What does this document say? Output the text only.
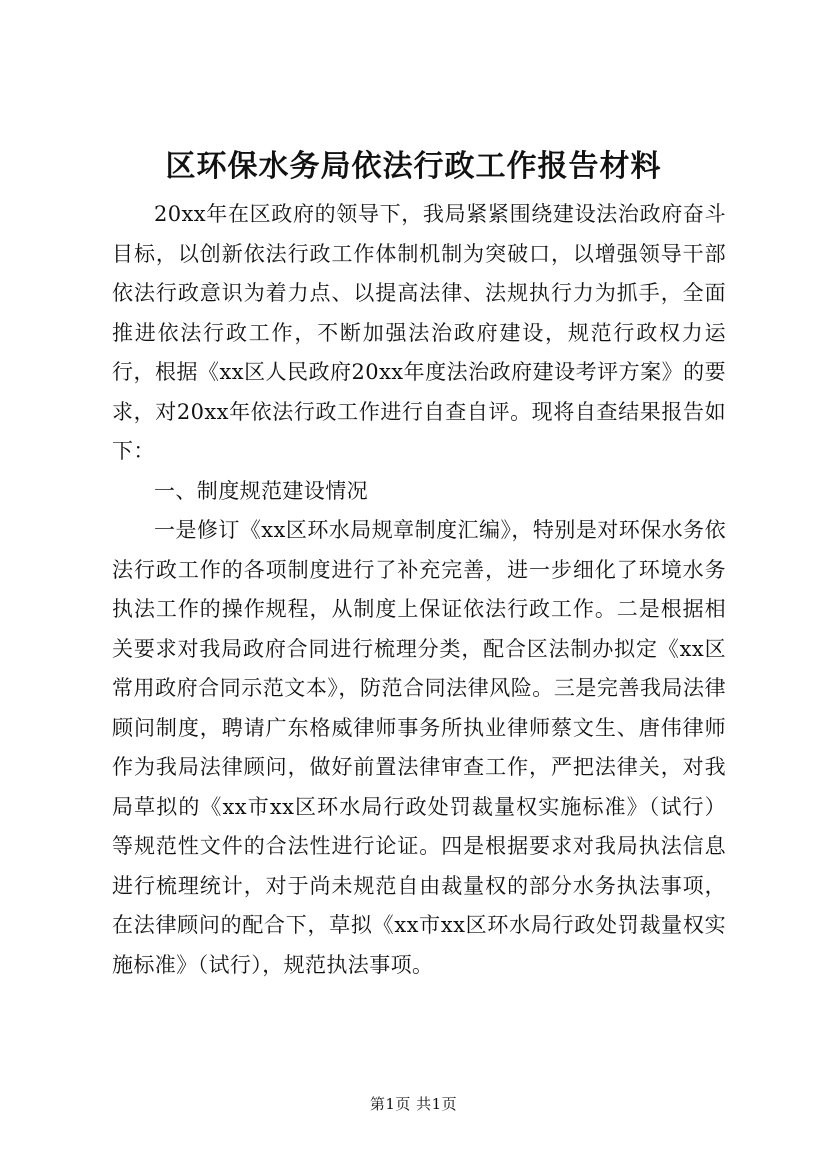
区环保水务局依法行政工作报告材料

20xx年在区政府的领导下，我局紧紧围绕建设法治政府奋斗目标，以创新依法行政工作体制机制为突破口，以增强领导干部依法行政意识为着力点、以提高法律、法规执行力为抓手，全面推进依法行政工作，不断加强法治政府建设，规范行政权力运行，根据《xx区人民政府20xx年度法治政府建设考评方案》的要求，对20xx年依法行政工作进行自查自评。现将自查结果报告如下：

一、制度规范建设情况

一是修订《xx区环水局规章制度汇编》，特别是对环保水务依法行政工作的各项制度进行了补充完善，进一步细化了环境水务执法工作的操作规程，从制度上保证依法行政工作。二是根据相关要求对我局政府合同进行梳理分类，配合区法制办拟定《xx区常用政府合同示范文本》，防范合同法律风险。三是完善我局法律顾问制度，聘请广东格威律师事务所执业律师蔡文生、唐伟律师作为我局法律顾问，做好前置法律审查工作，严把法律关，对我局草拟的《xx市xx区环水局行政处罚裁量权实施标准》（试行）等规范性文件的合法性进行论证。四是根据要求对我局执法信息进行梳理统计，对于尚未规范自由裁量权的部分水务执法事项，在法律顾问的配合下，草拟《xx市xx区环水局行政处罚裁量权实施标准》（试行），规范执法事项。

第1页 共1页
